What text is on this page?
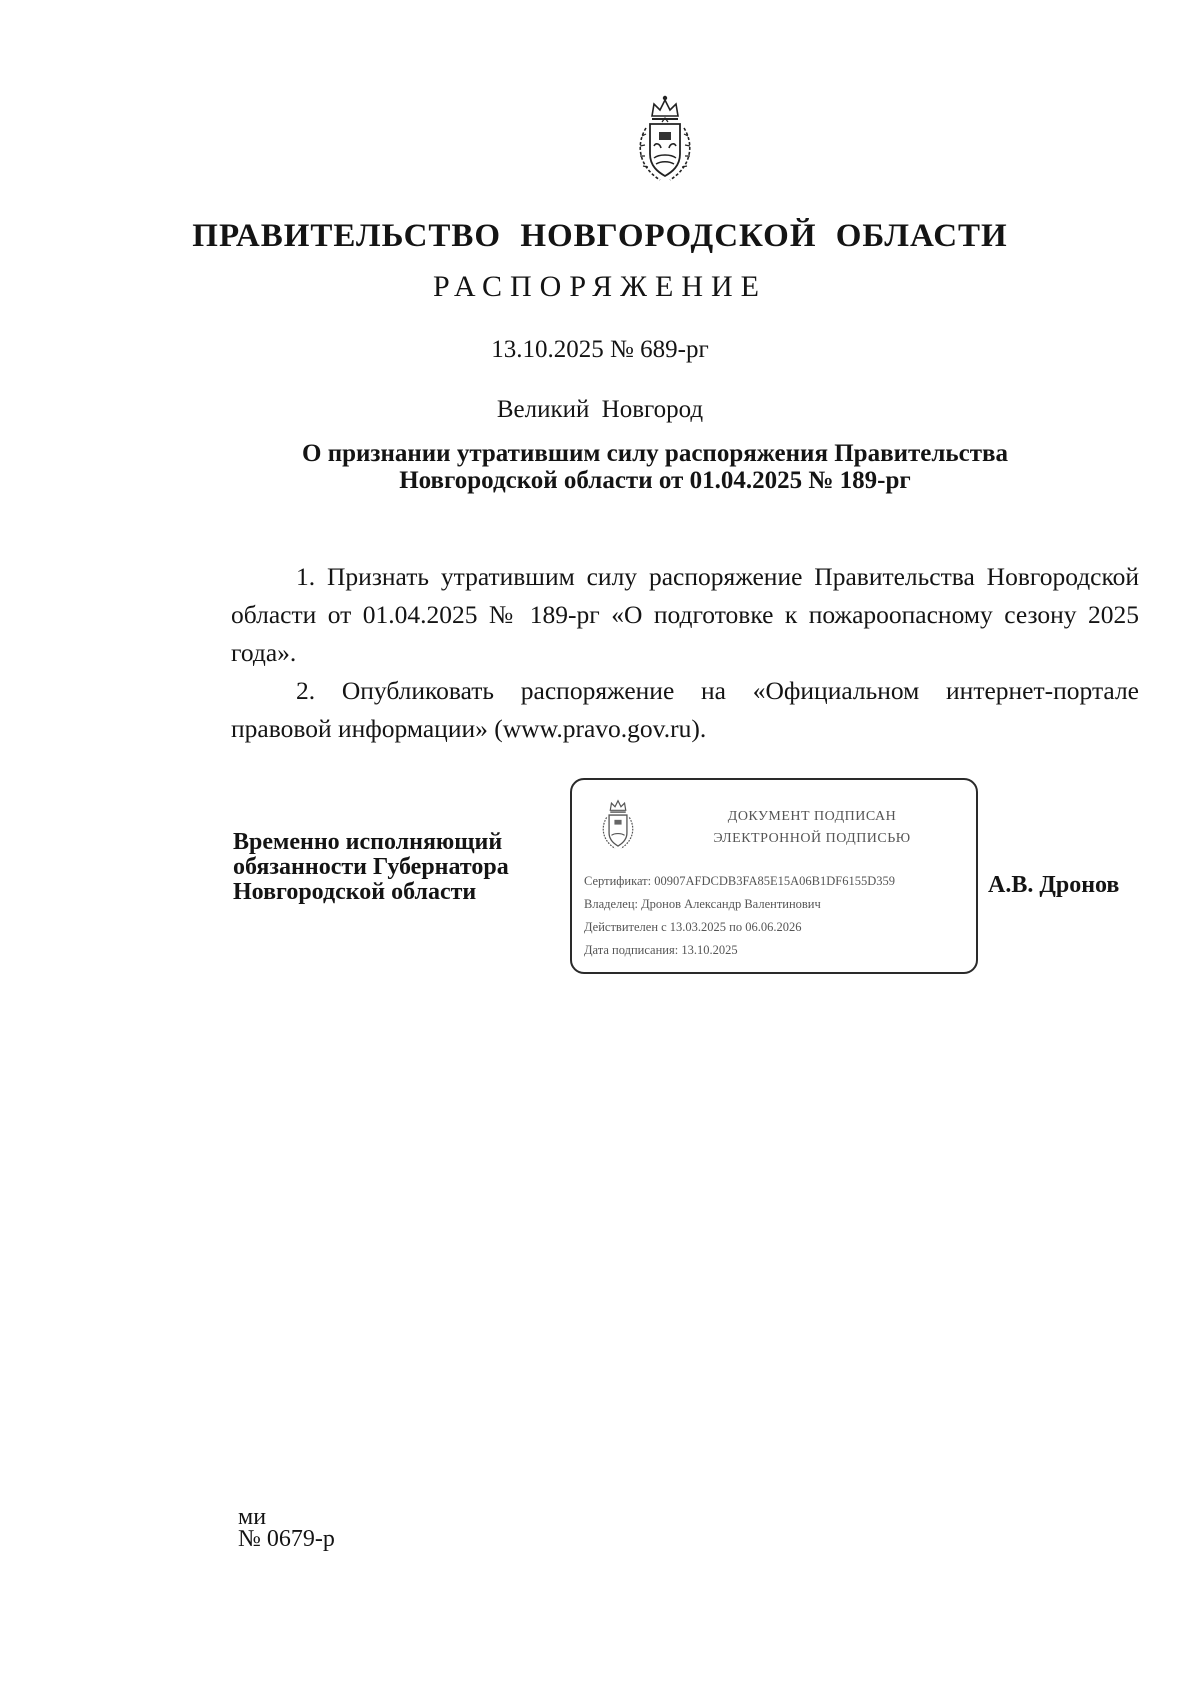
ПРАВИТЕЛЬСТВО НОВГОРОДСКОЙ ОБЛАСТИ
РАСПОРЯЖЕНИЕ
13.10.2025 № 689-рг
Великий Новгород
О признании утратившим силу распоряжения Правительства
Новгородской области от 01.04.2025 № 189-рг

1. Признать утратившим силу распоряжение Правительства Новгородской области от 01.04.2025 № 189-рг «О подготовке к пожароопасному сезону 2025 года».

2. Опубликовать распоряжение на «Официальном интернет-портале правовой информации» (www.pravo.gov.ru).

Временно исполняющий
обязанности Губернатора
Новгородской области
ДОКУМЕНТ ПОДПИСАН
ЭЛЕКТРОННОЙ ПОДПИСЬЮ
Сертификат: 00907AFDCDB3FA85E15A06B1DF6155D359
Владелец: Дронов Александр Валентинович
Действителен с 13.03.2025 по 06.06.2026
Дата подписания: 13.10.2025
А.В. Дронов
ми
№ 0679-р
